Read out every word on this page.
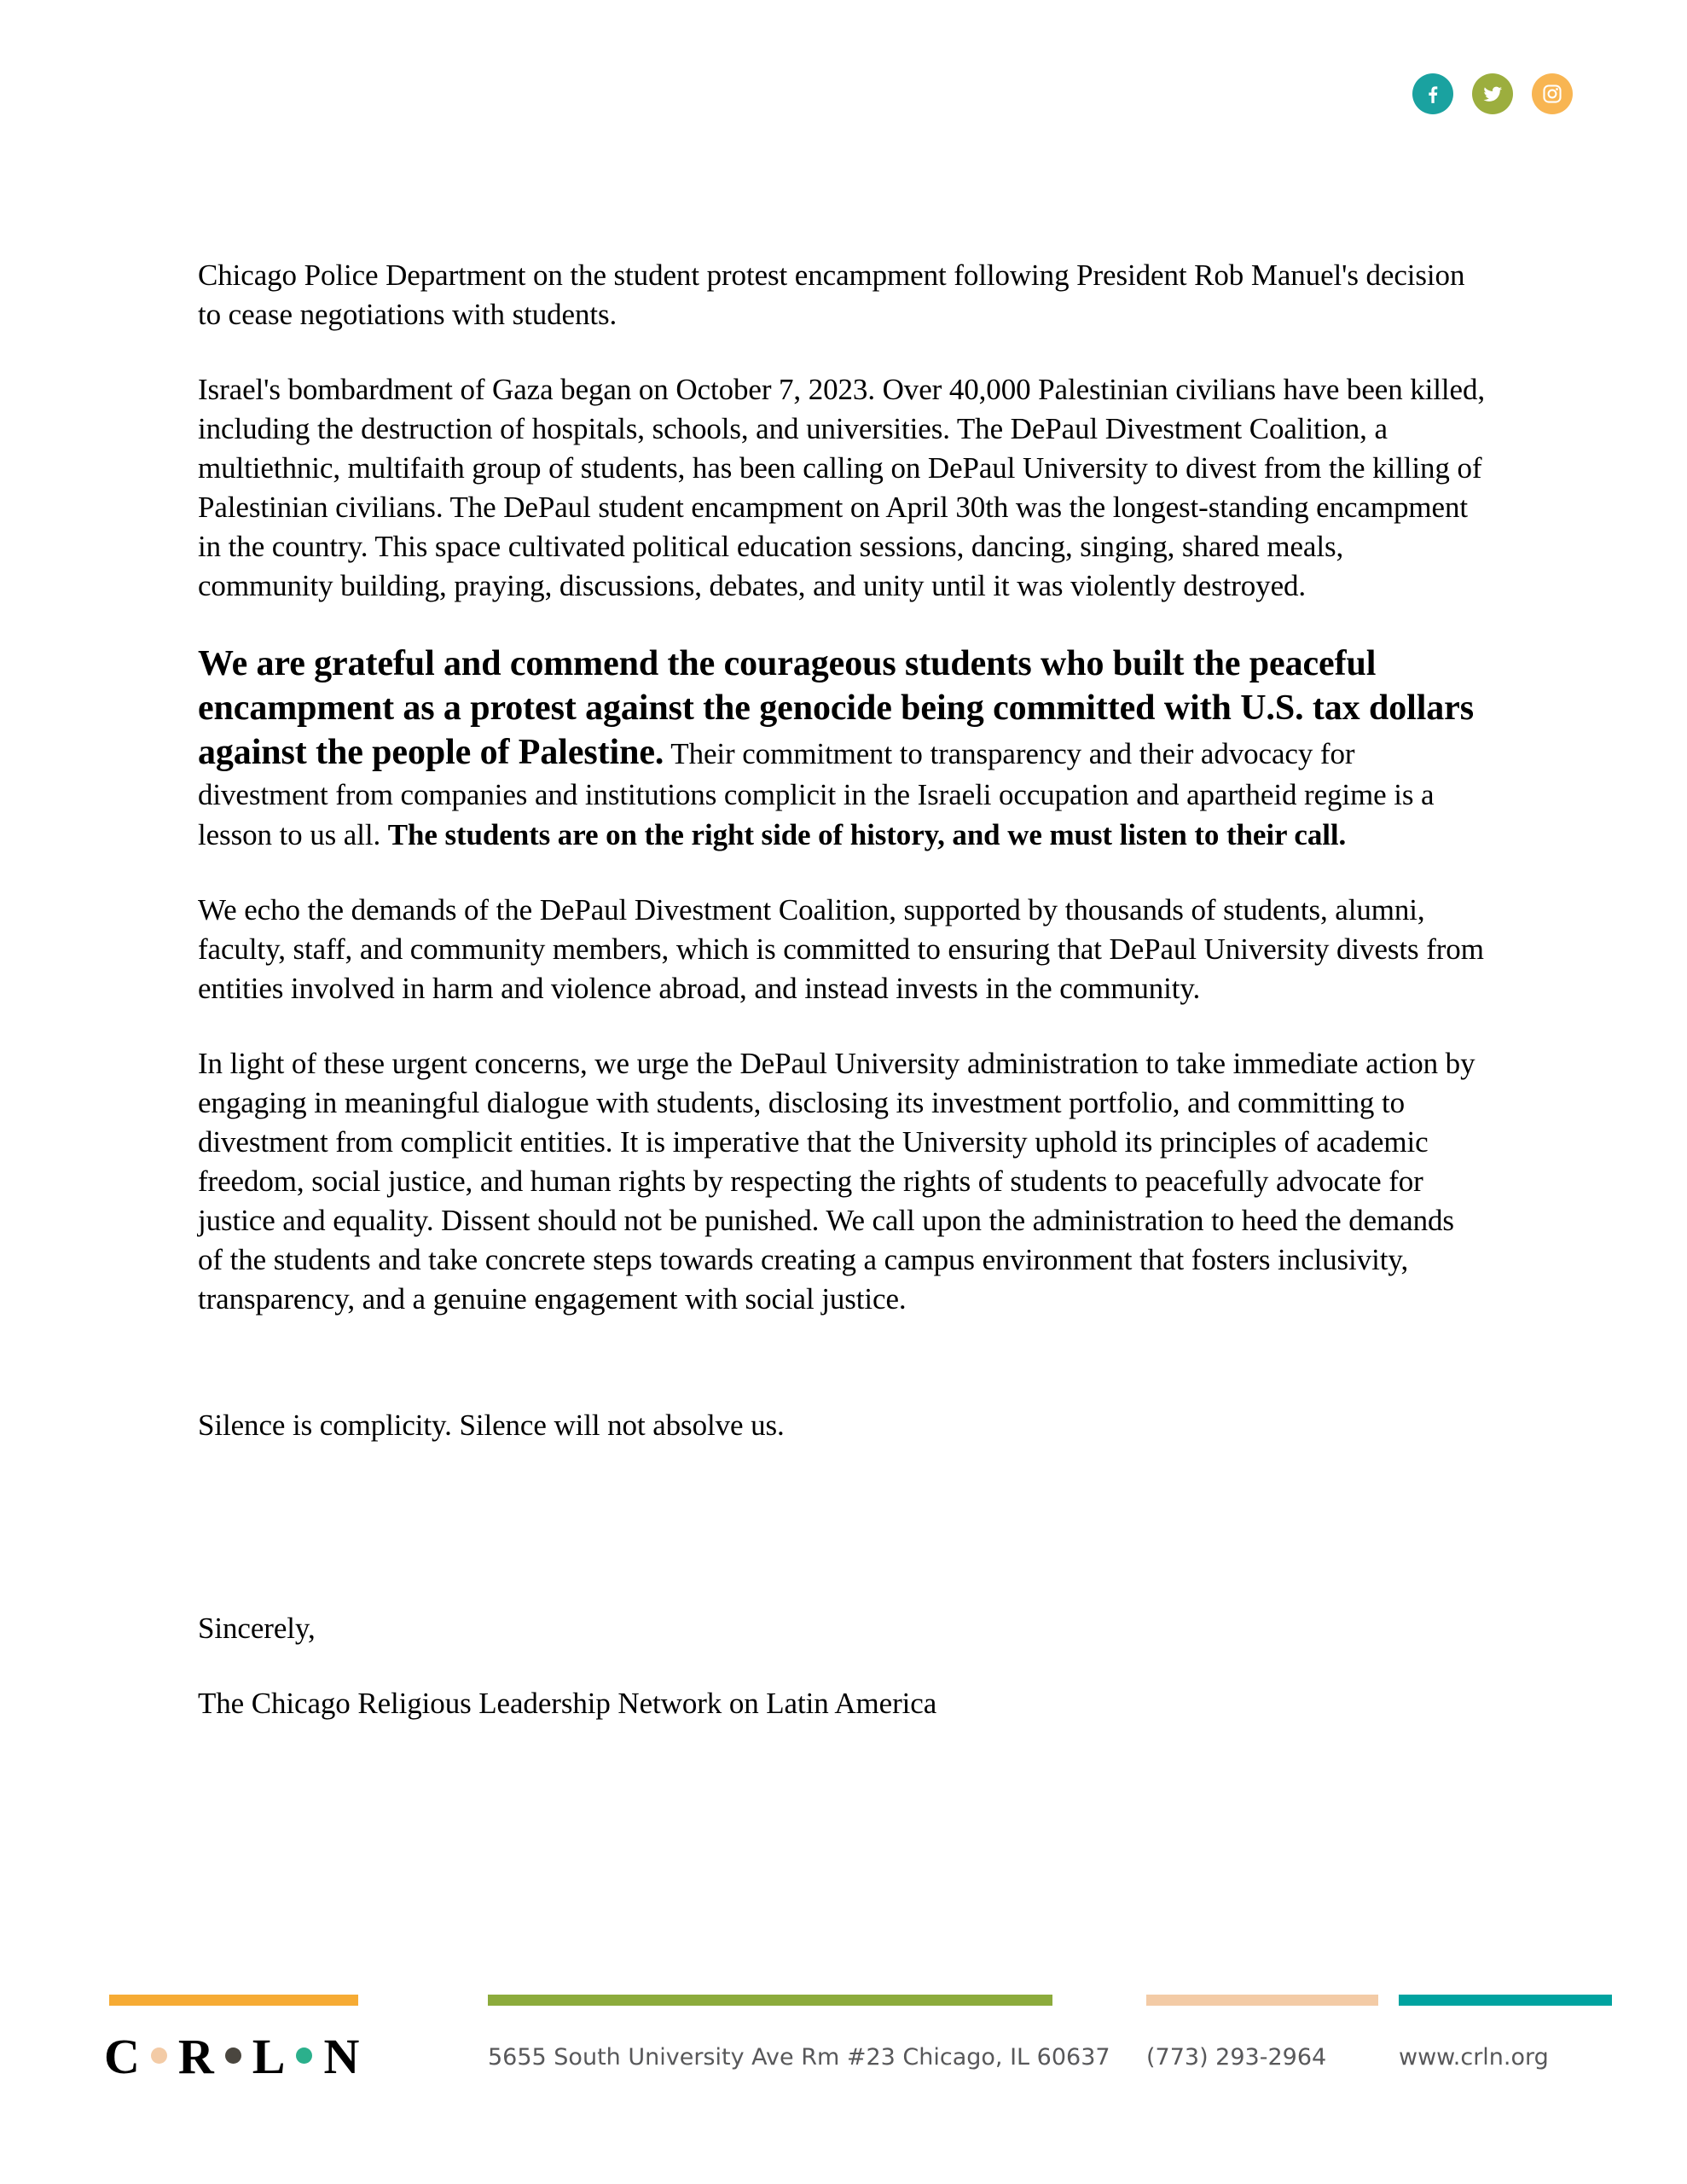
Chicago Police Department on the student protest encampment following President Rob Manuel's decision to cease negotiations with students.

Israel's bombardment of Gaza began on October 7, 2023. Over 40,000 Palestinian civilians have been killed, including the destruction of hospitals, schools, and universities. The DePaul Divestment Coalition, a multiethnic, multifaith group of students, has been calling on DePaul University to divest from the killing of Palestinian civilians. The DePaul student encampment on April 30th was the longest-standing encampment in the country. This space cultivated political education sessions, dancing, singing, shared meals, community building, praying, discussions, debates, and unity until it was violently destroyed.

We are grateful and commend the courageous students who built the peaceful encampment as a protest against the genocide being committed with U.S. tax dollars against the people of Palestine. Their commitment to transparency and their advocacy for divestment from companies and institutions complicit in the Israeli occupation and apartheid regime is a lesson to us all. The students are on the right side of history, and we must listen to their call.

We echo the demands of the DePaul Divestment Coalition, supported by thousands of students, alumni, faculty, staff, and community members, which is committed to ensuring that DePaul University divests from entities involved in harm and violence abroad, and instead invests in the community.

In light of these urgent concerns, we urge the DePaul University administration to take immediate action by engaging in meaningful dialogue with students, disclosing its investment portfolio, and committing to divestment from complicit entities. It is imperative that the University uphold its principles of academic freedom, social justice, and human rights by respecting the rights of students to peacefully advocate for justice and equality. Dissent should not be punished. We call upon the administration to heed the demands of the students and take concrete steps towards creating a campus environment that fosters inclusivity, transparency, and a genuine engagement with social justice.

Silence is complicity. Silence will not absolve us.

Sincerely,

The Chicago Religious Leadership Network on Latin America

C R L N	5655 South University Ave Rm #23 Chicago, IL 60637 (773) 293-2964	www.crln.org
